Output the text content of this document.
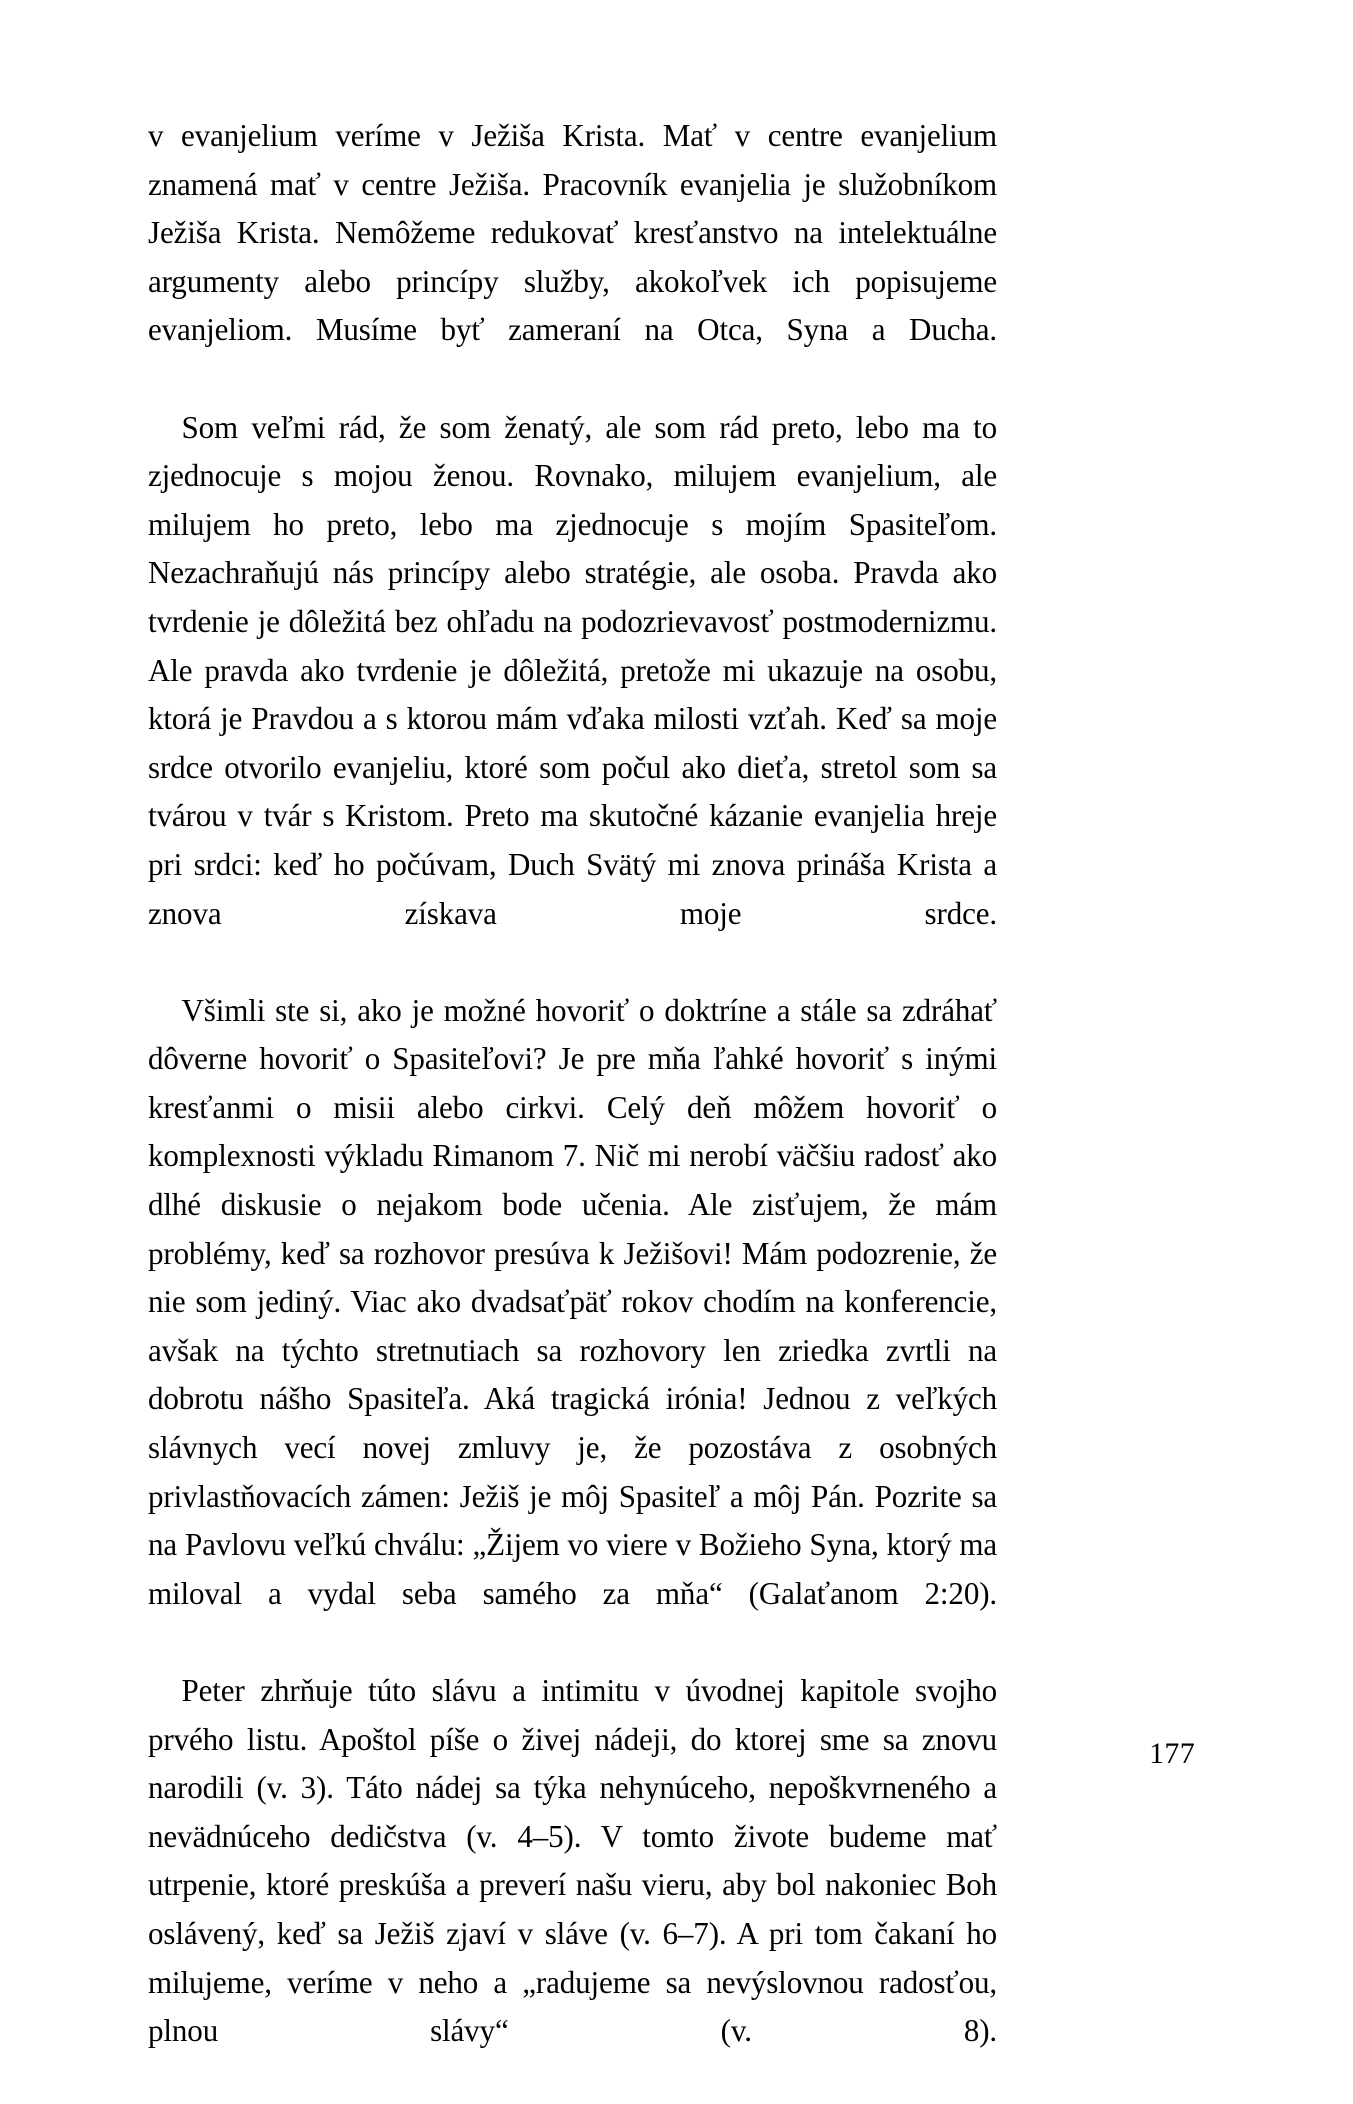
v evanjelium veríme v Ježiša Krista. Mať v centre evanjelium znamená mať v centre Ježiša. Pracovník evanjelia je služobníkom Ježiša Krista. Nemôžeme redukovať kresťanstvo na intelektuálne argumenty alebo princípy služby, akokoľvek ich popisujeme evanjeliom. Musíme byť zameraní na Otca, Syna a Ducha.

Som veľmi rád, že som ženatý, ale som rád preto, lebo ma to zjednocuje s mojou ženou. Rovnako, milujem evanjelium, ale milujem ho preto, lebo ma zjednocuje s mojím Spasiteľom. Nezachraňujú nás princípy alebo stratégie, ale osoba. Pravda ako tvrdenie je dôležitá bez ohľadu na podozrievavosť postmodernizmu. Ale pravda ako tvrdenie je dôležitá, pretože mi ukazuje na osobu, ktorá je Pravdou a s ktorou mám vďaka milosti vzťah. Keď sa moje srdce otvorilo evanjeliu, ktoré som počul ako dieťa, stretol som sa tvárou v tvár s Kristom. Preto ma skutočné kázanie evanjelia hreje pri srdci: keď ho počúvam, Duch Svätý mi znova prináša Krista a znova získava moje srdce.

Všimli ste si, ako je možné hovoriť o doktríne a stále sa zdráhať dôverne hovoriť o Spasiteľovi? Je pre mňa ľahké hovoriť s inými kresťanmi o misii alebo cirkvi. Celý deň môžem hovoriť o komplexnosti výkladu Rimanom 7. Nič mi nerobí väčšiu radosť ako dlhé diskusie o nejakom bode učenia. Ale zisťujem, že mám problémy, keď sa rozhovor presúva k Ježišovi! Mám podozrenie, že nie som jediný. Viac ako dvadsaťpäť rokov chodím na konferencie, avšak na týchto stretnutiach sa rozhovory len zriedka zvrtli na dobrotu nášho Spasiteľa. Aká tragická irónia! Jednou z veľkých slávnych vecí novej zmluvy je, že pozostáva z osobných privlastňovacích zámen: Ježiš je môj Spasiteľ a môj Pán. Pozrite sa na Pavlovu veľkú chválu: „Žijem vo viere v Božieho Syna, ktorý ma miloval a vydal seba samého za mňa“ (Galaťanom 2:20).

Peter zhrňuje túto slávu a intimitu v úvodnej kapitole svojho prvého listu. Apoštol píše o živej nádeji, do ktorej sme sa znovu narodili (v. 3). Táto nádej sa týka nehynúceho, nepoškvrneného a nevädnúceho dedičstva (v. 4–5). V tomto živote budeme mať utrpenie, ktoré preskúša a preverí našu vieru, aby bol nakoniec Boh oslávený, keď sa Ježiš zjaví v sláve (v. 6–7). A pri tom čakaní ho milujeme, veríme v neho a „radujeme sa nevýslovnou radosťou, plnou slávy“ (v. 8).

177
